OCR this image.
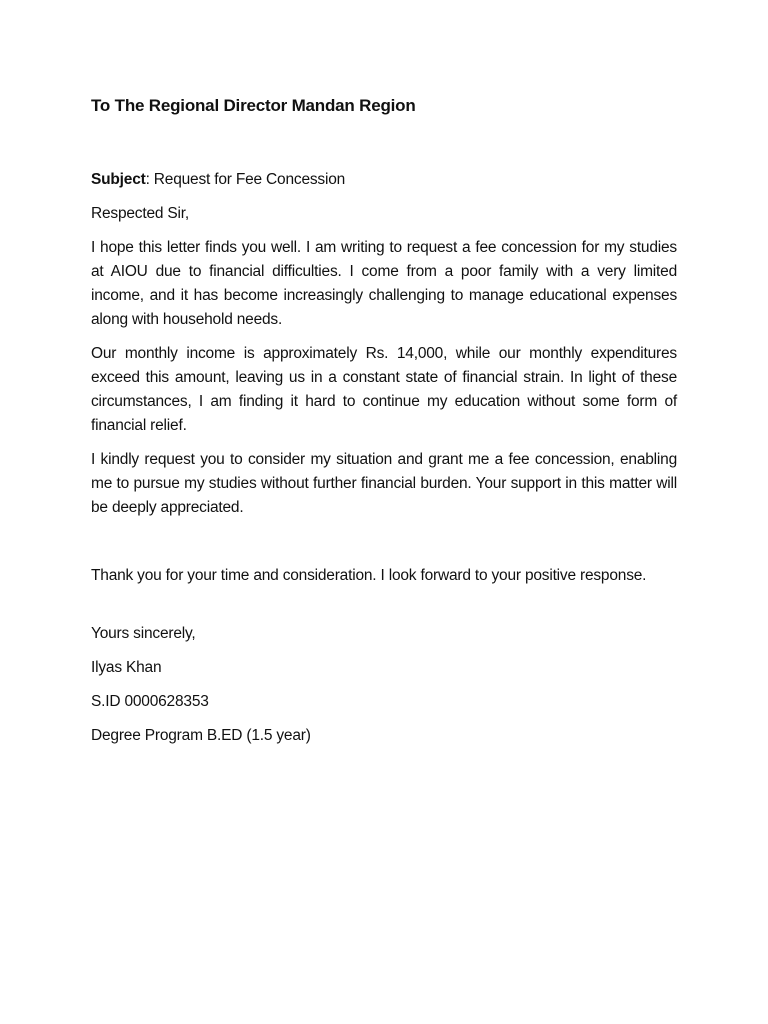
To The Regional Director Mandan Region

Subject: Request for Fee Concession

Respected Sir,

I hope this letter finds you well. I am writing to request a fee concession for my studies at AIOU due to financial difficulties. I come from a poor family with a very limited income, and it has become increasingly challenging to manage educational expenses along with household needs.

Our monthly income is approximately Rs. 14,000, while our monthly expenditures exceed this amount, leaving us in a constant state of financial strain. In light of these circumstances, I am finding it hard to continue my education without some form of financial relief.

I kindly request you to consider my situation and grant me a fee concession, enabling me to pursue my studies without further financial burden. Your support in this matter will be deeply appreciated.

Thank you for your time and consideration. I look forward to your positive response.

Yours sincerely,

Ilyas Khan

S.ID 0000628353

Degree Program B.ED (1.5 year)
